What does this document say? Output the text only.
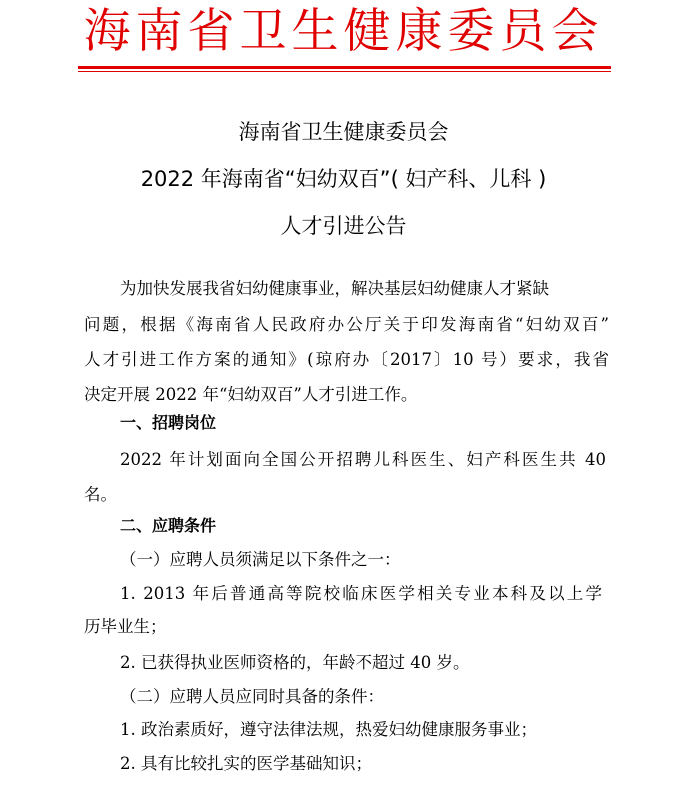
海南省卫生健康委员会
海南省卫生健康委员会
2022 年海南省“妇幼双百”( 妇产科、儿科 )
人才引进公告
为加快发展我省妇幼健康事业，解决基层妇幼健康人才紧缺
问题，根据《海南省人民政府办公厅关于印发海南省“妇幼双百”
人才引进工作方案的通知》(琼府办〔2017〕10 号）要求，我省
决定开展 2022 年“妇幼双百”人才引进工作。
一、招聘岗位
2022 年计划面向全国公开招聘儿科医生、妇产科医生共 40
名。
二、应聘条件
（一）应聘人员须满足以下条件之一：
1. 2013 年后普通高等院校临床医学相关专业本科及以上学
历毕业生；
2. 已获得执业医师资格的，年龄不超过 40 岁。
（二）应聘人员应同时具备的条件：
1. 政治素质好，遵守法律法规，热爱妇幼健康服务事业；
2. 具有比较扎实的医学基础知识；
